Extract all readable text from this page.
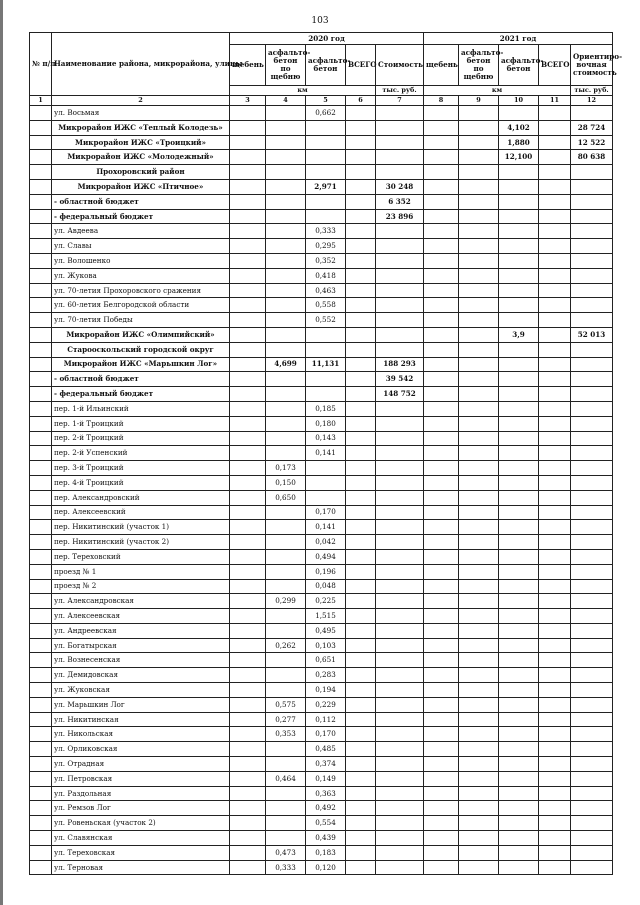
103
№ п/п	Наименование района, микрорайона, улицы	2020 год					2021 год				
		щебень	асфальто-бетон по щебню	асфальто-бетон	ВСЕГО	Стоимость	щебень	асфальто-бетон по щебню	асфальто-бетон	ВСЕГО	Ориентиро-вочная стоимость
		км				тыс. руб.	км				тыс. руб.
1	2	3	4	5	6	7	8	9	10	11	12
	ул. Восьмая			0,662							
	Микрорайон ИЖС «Теплый Колодезь»								4,102		28 724
	Микрорайон ИЖС «Троицкий»								1,880		12 522
	Микрорайон ИЖС «Молодежный»								12,100		80 638
	Прохоровский район										
	Микрорайон ИЖС «Птичное»			2,971		30 248					
	- областной бюджет					6 352					
	- федеральный бюджет					23 896					
	ул. Авдеева			0,333							
	ул. Славы			0,295							
	ул. Волошенко			0,352							
	ул. Жукова			0,418							
	ул. 70-летия Прохоровского сражения			0,463							
	ул. 60-летия Белгородской области			0,558							
	ул. 70-летия Победы			0,552							
	Микрорайон ИЖС «Олимпийский»								3,9		52 013
	Старооскольский городской округ										
	Микрорайон ИЖС «Марьшкин Лог»		4,699	11,131		188 293					
	- областной бюджет					39 542					
	- федеральный бюджет					148 752					
	пер. 1-й Ильинский			0,185							
	пер. 1-й Троицкий			0,180							
	пер. 2-й Троицкий			0,143							
	пер. 2-й Успенский			0,141							
	пер. 3-й Троицкий		0,173								
	пер. 4-й Троицкий		0,150								
	пер. Александровский		0,650								
	пер. Алексеевский			0,170							
	пер. Никитинский (участок 1)			0,141							
	пер. Никитинский (участок 2)			0,042							
	пер. Тереховский			0,494							
	проезд № 1			0,196							
	проезд № 2			0,048							
	ул. Александровская		0,299	0,225							
	ул. Алексеевская			1,515							
	ул. Андреевская			0,495							
	ул. Богатырская		0,262	0,103							
	ул. Вознесенская			0,651							
	ул. Демидовская			0,283							
	ул. Жуковская			0,194							
	ул. Марьшкин Лог		0,575	0,229							
	ул. Никитинская		0,277	0,112							
	ул. Никольская		0,353	0,170							
	ул. Орликовская			0,485							
	ул. Отрадная			0,374							
	ул. Петровская		0,464	0,149							
	ул. Раздольная			0,363							
	ул. Ремзов Лог			0,492							
	ул. Ровеньская (участок 2)			0,554							
	ул. Славянская			0,439							
	ул. Тереховская		0,473	0,183							
	ул. Терновая		0,333	0,120							
